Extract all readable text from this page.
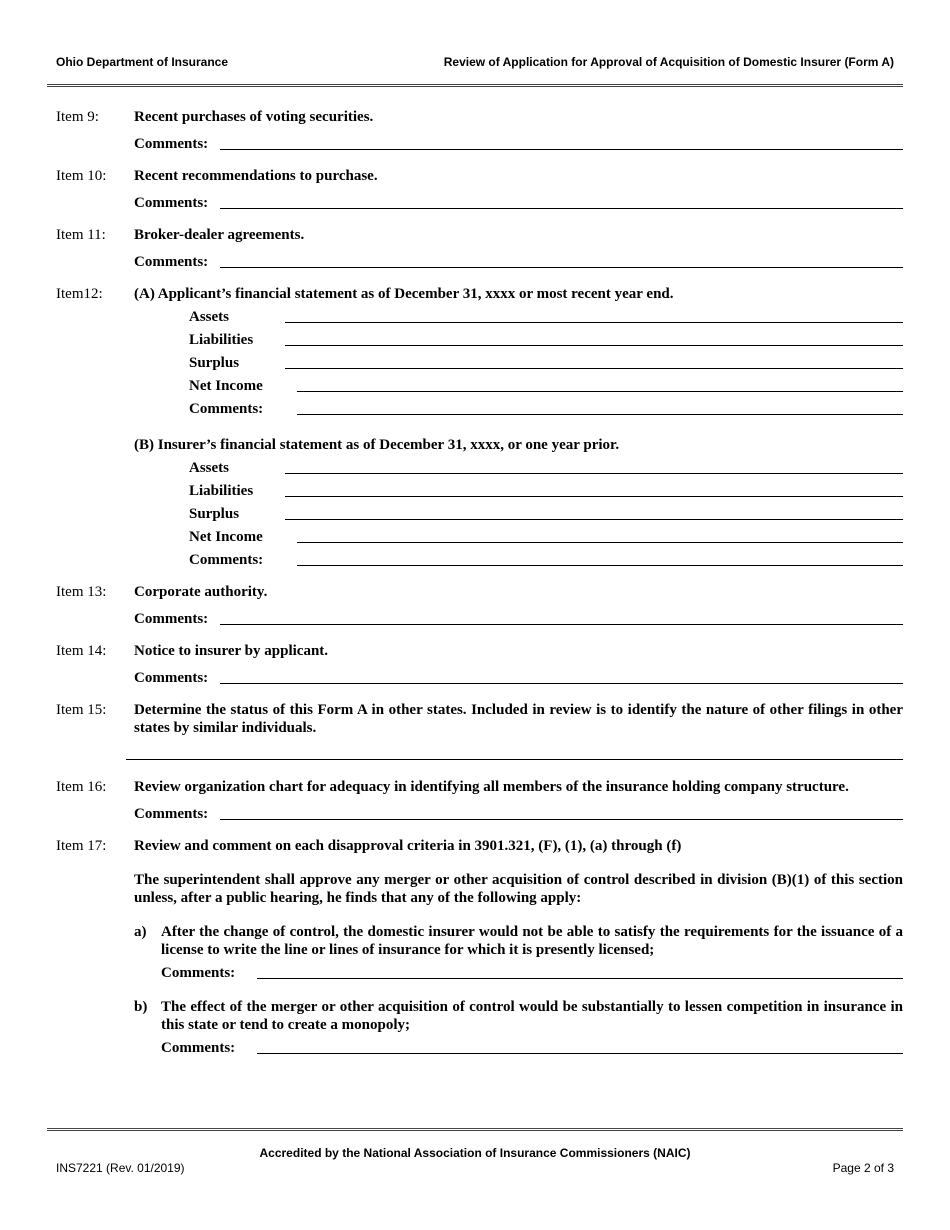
Ohio Department of Insurance	Review of Application for Approval of Acquisition of Domestic Insurer (Form A)
Item 9:	Recent purchases of voting securities.
Comments:
Item 10:	Recent recommendations to purchase.
Comments:
Item 11:	Broker-dealer agreements.
Comments:
Item12:	(A) Applicant’s financial statement as of December 31, xxxx or most recent year end.
Assets
Liabilities
Surplus
Net Income
Comments:
(B) Insurer’s financial statement as of December 31, xxxx, or one year prior.
Assets
Liabilities
Surplus
Net Income
Comments:
Item 13:	Corporate authority.
Comments:
Item 14:	Notice to insurer by applicant.
Comments:
Item 15:	Determine the status of this Form A in other states. Included in review is to identify the nature of other filings in other states by similar individuals.
Item 16:	Review organization chart for adequacy in identifying all members of the insurance holding company structure.
Comments:
Item 17:	Review and comment on each disapproval criteria in 3901.321, (F), (1), (a) through (f)
The superintendent shall approve any merger or other acquisition of control described in division (B)(1) of this section unless, after a public hearing, he finds that any of the following apply:
a) After the change of control, the domestic insurer would not be able to satisfy the requirements for the issuance of a license to write the line or lines of insurance for which it is presently licensed;
Comments:
b) The effect of the merger or other acquisition of control would be substantially to lessen competition in insurance in this state or tend to create a monopoly;
Comments:
Accredited by the National Association of Insurance Commissioners (NAIC)
INS7221 (Rev. 01/2019)	Page 2 of 3
